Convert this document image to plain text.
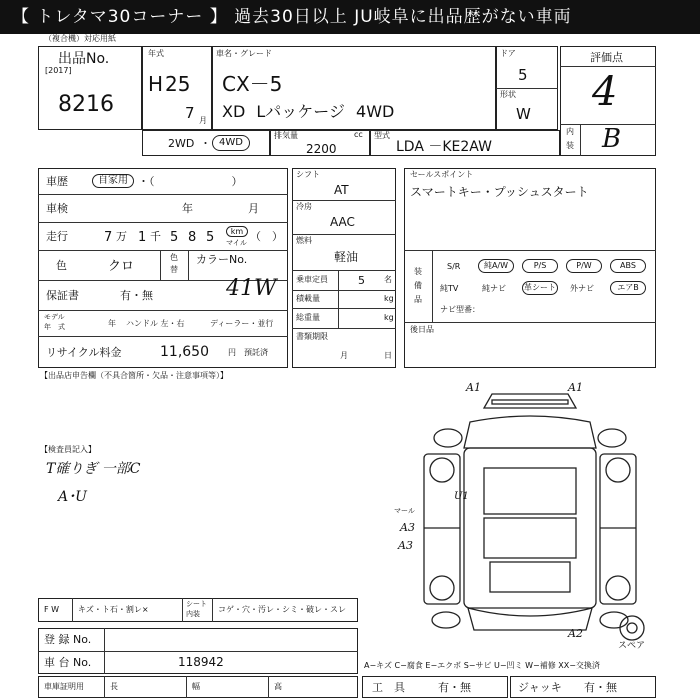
【 トレタマ30コーナー 】 過去30日以上 JU岐阜に出品歴がない車両
（複合機）対応用紙
出品No.
[2017]
8216
年式
H 25
7 月
車名・グレード
CX－5
XD Lパッケージ 4WD
ドア
5
形状
W
評価点
4
内
装 B
2WD ・ 4WD
排気量	cc
2200
型式
LDA －KE2AW
車歴	自家用 ・（　　　　　　　）
車検	年	月
走行	7 万 1 千 5 8 5	km
マイル （　）
色	クロ
色
替
カラーNo.
41W
保証書	有・無
モデル
年　式	年 ハンドル 左・右	ディーラー・並行
リサイクル料金	11,650 円 預託済
シフト
AT
冷房
AAC
燃料
軽油
乗車定員	5 名
積載量	kg
総重量	kg
書類期限
月	日
セールスポイント
スマートキー・プッシュスタート
装
備
品
S/R	純A/W	P/S	P/W	ABS
純TV	純ナビ 革シート 外ナビ	エアB
ナビ型番：
後日品
【出品店申告欄（不具合箇所・欠品・注意事項等）】
【検査員記入】
T確りぎ 一部C
A･U
A1	A1
マール
A3
A3
U1
A2
スペア
F W キズ・ト石・割レ×
シート
内装 コゲ・穴・汚レ・シミ・破レ・スレ
登 録 No.
車 台 No.	118942	A−キズ C−腐食 E−エクボ S−サビ U−凹ミ W−補修 XX−交換済
車庫証明用	長	幅	高	工　具	有・無	ジャッキ 有・無
